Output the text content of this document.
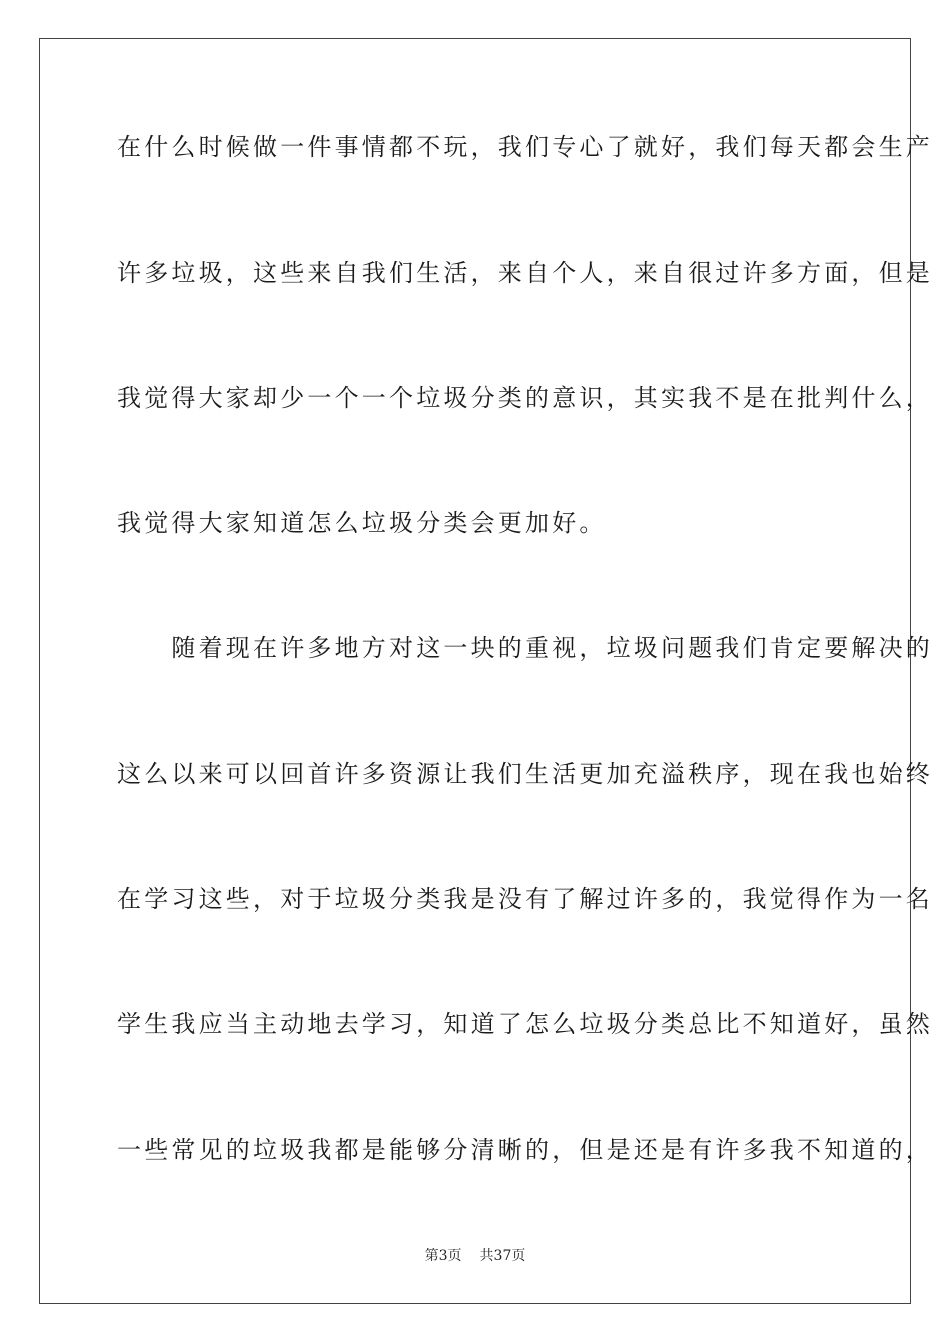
在什么时候做一件事情都不玩，我们专心了就好，我们每天都会生产
许多垃圾，这些来自我们生活，来自个人，来自很过许多方面，但是
我觉得大家却少一个一个垃圾分类的意识，其实我不是在批判什么，
我觉得大家知道怎么垃圾分类会更加好。
　　随着现在许多地方对这一块的重视，垃圾问题我们肯定要解决的
这么以来可以回首许多资源让我们生活更加充溢秩序，现在我也始终
在学习这些，对于垃圾分类我是没有了解过许多的，我觉得作为一名
学生我应当主动地去学习，知道了怎么垃圾分类总比不知道好，虽然
一些常见的垃圾我都是能够分清晰的，但是还是有许多我不知道的，
第3页 共37页
